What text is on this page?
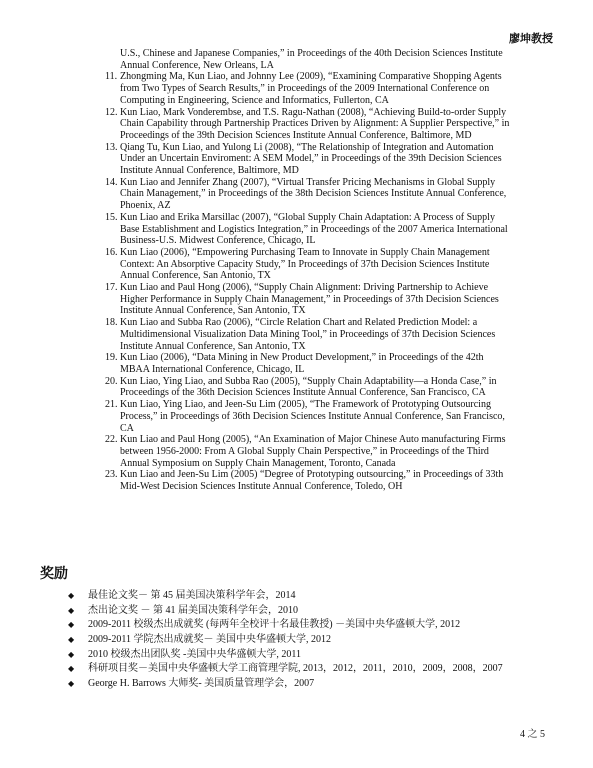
廖坤教授

U.S., Chinese and Japanese Companies,” in Proceedings of the 40th Decision Sciences Institute Annual Conference, New Orleans, LA

11. Zhongming Ma, Kun Liao, and Johnny Lee (2009), “Examining Comparative Shopping Agents from Two Types of Search Results,” in Proceedings of the 2009 International Conference on Computing in Engineering, Science and Informatics, Fullerton, CA

12. Kun Liao, Mark Vonderembse, and T.S. Ragu-Nathan (2008), “Achieving Build-to-order Supply Chain Capability through Partnership Practices Driven by Alignment: A Supplier Perspective,” in Proceedings of the 39th Decision Sciences Institute Annual Conference, Baltimore, MD

13. Qiang Tu, Kun Liao, and Yulong Li (2008), “The Relationship of Integration and Automation Under an Uncertain Enviroment: A SEM Model,” in Proceedings of the 39th Decision Sciences Institute Annual Conference, Baltimore, MD

14. Kun Liao and Jennifer Zhang (2007), “Virtual Transfer Pricing Mechanisms in Global Supply Chain Management,” in Proceedings of the 38th Decision Sciences Institute Annual Conference, Phoenix, AZ

15. Kun Liao and Erika Marsillac (2007), “Global Supply Chain Adaptation: A Process of Supply Base Establishment and Logistics Integration,” in Proceedings of the 2007 America International Business-U.S. Midwest Conference, Chicago, IL

16. Kun Liao (2006), “Empowering Purchasing Team to Innovate in Supply Chain Management Context: An Absorptive Capacity Study,” In Proceedings of 37th Decision Sciences Institute Annual Conference, San Antonio, TX

17. Kun Liao and Paul Hong (2006), “Supply Chain Alignment: Driving Partnership to Achieve Higher Performance in Supply Chain Management,” in Proceedings of 37th Decision Sciences Institute Annual Conference, San Antonio, TX

18. Kun Liao and Subba Rao (2006), “Circle Relation Chart and Related Prediction Model: a Multidimensional Visualization Data Mining Tool,” in Proceedings of 37th Decision Sciences Institute Annual Conference, San Antonio, TX

19. Kun Liao (2006), “Data Mining in New Product Development,” in Proceedings of the 42th MBAA International Conference, Chicago, IL

20. Kun Liao, Ying Liao, and Subba Rao (2005), “Supply Chain Adaptability—a Honda Case,” in Proceedings of the 36th Decision Sciences Institute Annual Conference, San Francisco, CA

21. Kun Liao, Ying Liao, and Jeen-Su Lim (2005), “The Framework of Prototyping Outsourcing Process,” in Proceedings of 36th Decision Sciences Institute Annual Conference, San Francisco, CA

22. Kun Liao and Paul Hong (2005), “An Examination of Major Chinese Auto manufacturing Firms between 1956-2000: From A Global Supply Chain Perspective,” in Proceedings of the Third Annual Symposium on Supply Chain Management, Toronto, Canada

23. Kun Liao and Jeen-Su Lim (2005) “Degree of Prototyping outsourcing,” in Proceedings of 33th Mid-West Decision Sciences Institute Annual Conference, Toledo, OH

奖励
◆ 最佳论文奖－ 第 45 届美国决策科学年会，2014
◆ 杰出论文奖 － 第 41 届美国决策科学年会，2010
◆ 2009-2011 校级杰出成就奖 (每两年全校评十名最佳教授) －美国中央华盛顿大学, 2012
◆ 2009-2011 学院杰出成就奖－ 美国中央华盛顿大学, 2012
◆ 2010 校级杰出团队奖 -美国中央华盛顿大学, 2011
◆ 科研项目奖－美国中央华盛顿大学工商管理学院, 2013，2012，2011，2010，2009，2008，2007
◆ George H. Barrows 大师奖- 美国质量管理学会，2007
4 之 5
